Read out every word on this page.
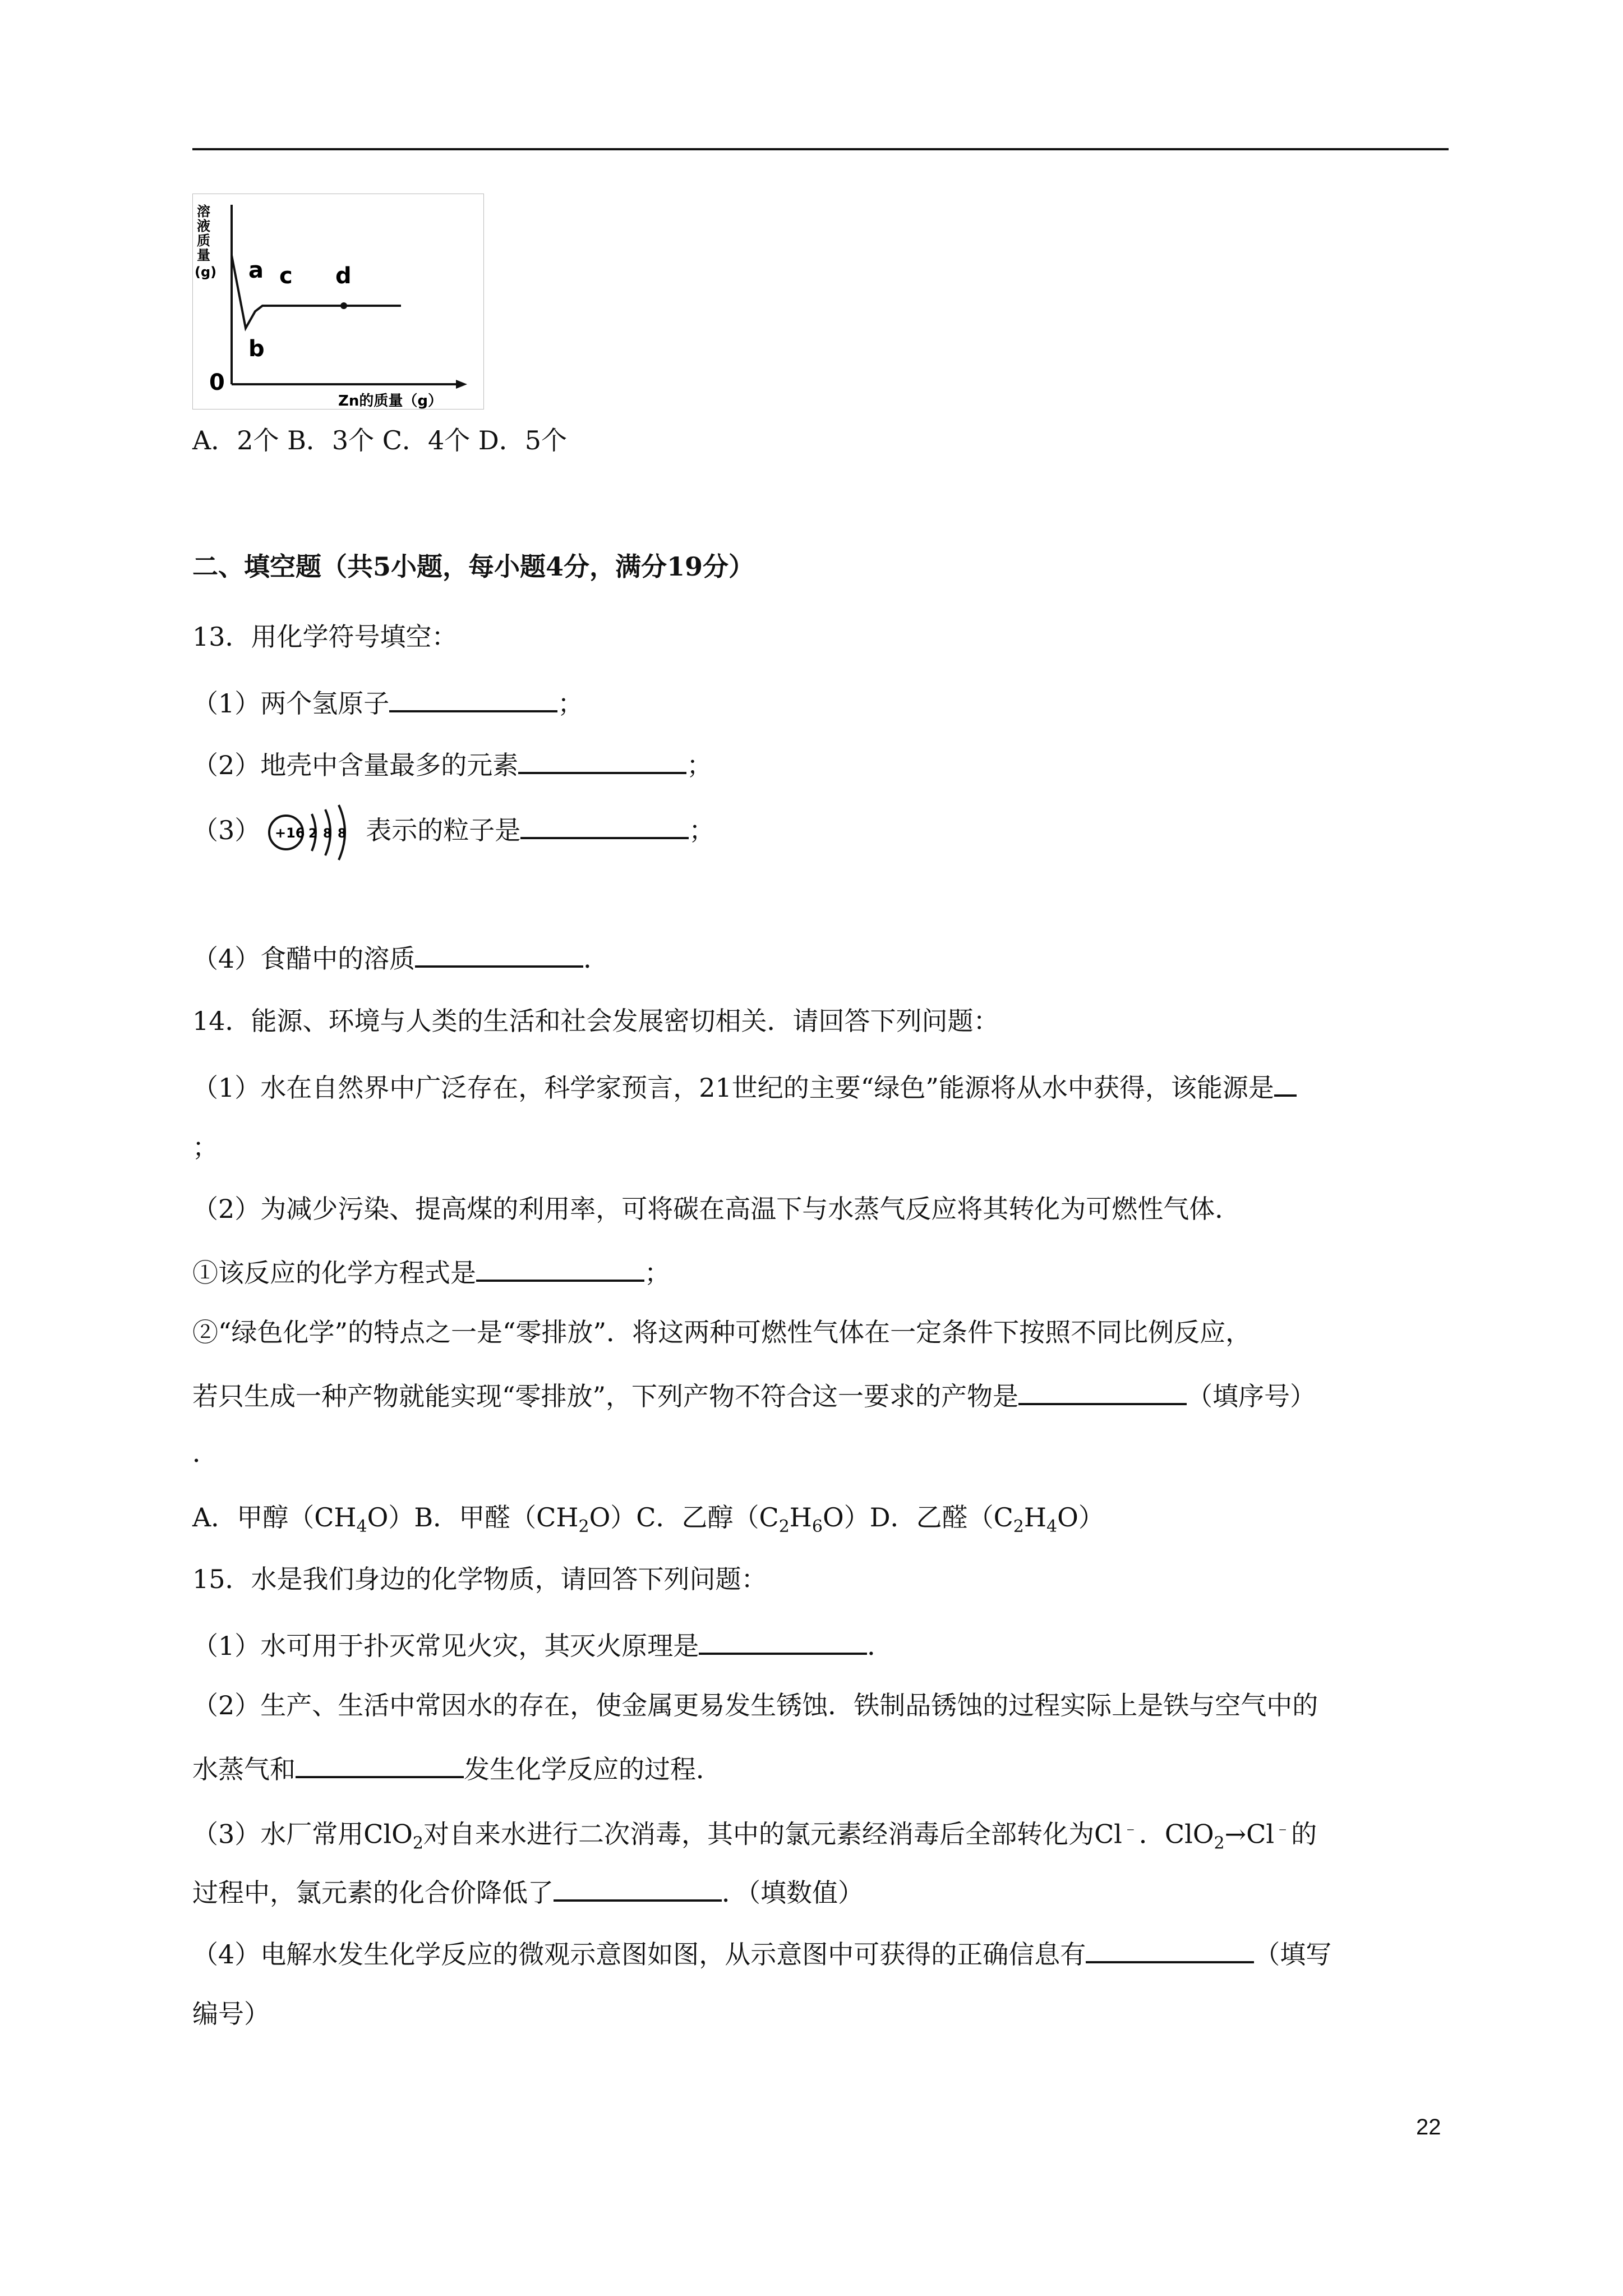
溶
液
质
量
(g)
0
a
b
c d
Zn的质量（g）
A．2个 B．3个 C．4个 D．5个
二、填空题（共5小题，每小题4分，满分19分）
13．用化学符号填空：
（1）两个氢原子	；
（2）地壳中含量最多的元素	；
（3） +16 2 8 8 表示的粒子是	；
（4）食醋中的溶质	．
14．能源、环境与人类的生活和社会发展密切相关．请回答下列问题：
（1）水在自然界中广泛存在，科学家预言，21世纪的主要“绿色”能源将从水中获得，该能源是
；
（2）为减少污染、提高煤的利用率，可将碳在高温下与水蒸气反应将其转化为可燃性气体．
①该反应的化学方程式是	；
②“绿色化学”的特点之一是“零排放”．将这两种可燃性气体在一定条件下按照不同比例反应，
若只生成一种产物就能实现“零排放”，下列产物不符合这一要求的产物是	（填序号）
．
A．甲醇$(CH_4O)B$．甲醛$(CH_2O)C$．乙醇$(C_2H_6O)D$．乙醛$(C_2H_4O)$
15．水是我们身边的化学物质，请回答下列问题：
（1）水可用于扑灭常见火灾，其灭火原理是	．
（2）生产、生活中常因水的存在，使金属更易发生锈蚀．铁制品锈蚀的过程实际上是铁与空气中的
水蒸气和	发生化学反应的过程．
（3）水厂常用ClO$_2$对自来水进行二次消毒，其中的氯元素经消毒后全部转化为Cl﹣．ClO$_2$→Cl﹣的
过程中，氯元素的化合价降低了	．（填数值）
（4）电解水发生化学反应的微观示意图如图，从示意图中可获得的正确信息有	（填写
编号）
22
